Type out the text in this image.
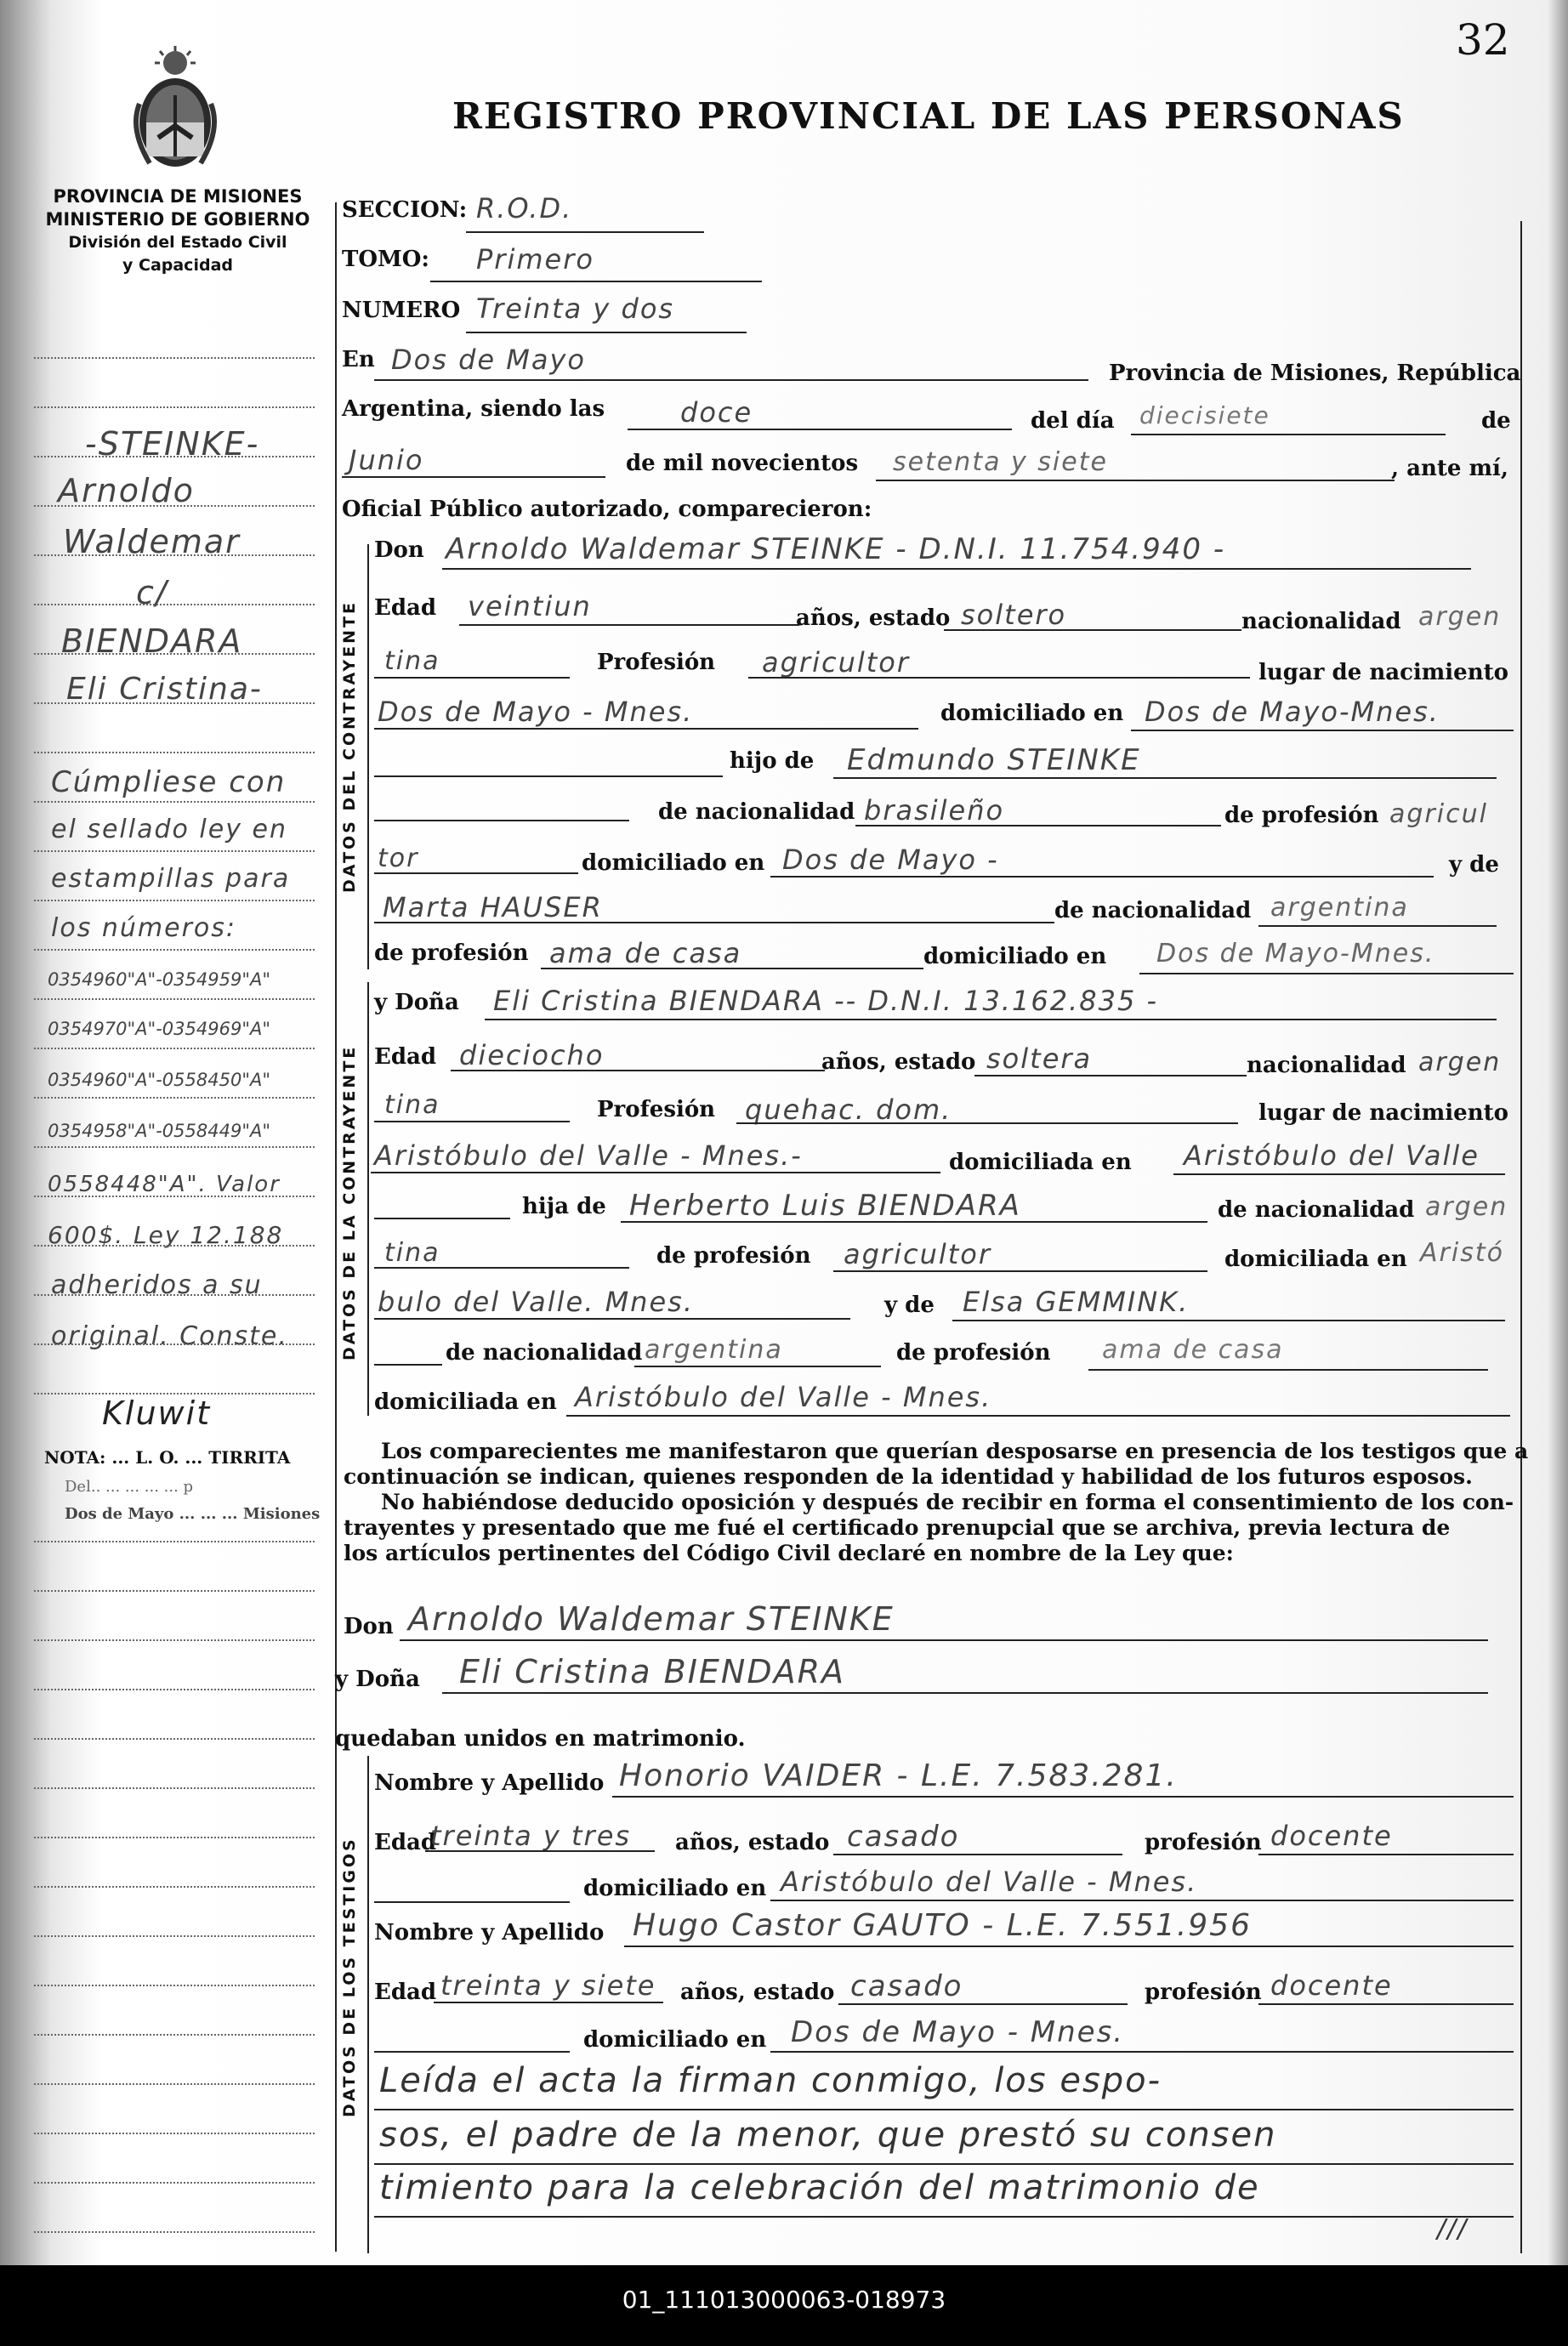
32
REGISTRO PROVINCIAL DE LAS PERSONAS
PROVINCIA DE MISIONES
MINISTERIO DE GOBIERNO
División del Estado Civil
y Capacidad
-STEINKE-
Arnoldo
Waldemar
c/
BIENDARA
Eli Cristina-
Cúmpliese con
el sellado ley en
estampillas para
los números:
0354960"A"-0354959"A"
0354970"A"-0354969"A"
0354960"A"-0558450"A"
0354958"A"-0558449"A"
0558448"A". Valor
600$. Ley 12.188
adheridos a su
original. Conste.
Kluwit
NOTA: ... L. O. ... TIRRITA
Del.. ... ... ... ... p
Dos de Mayo ... ... ... Misiones
DATOS DEL CONTRAYENTE
DATOS DE LA CONTRAYENTE
DATOS DE LOS TESTIGOS
SECCION: R.O.D.
TOMO: Primero
NUMERO Treinta y dos
En Dos de Mayo	Provincia de Misiones, República
Argentina, siendo las	doce	del día diecisiete	de
Junio	de mil novecientos setenta y siete	, ante mí,
Oficial Público autorizado, comparecieron:
Don Arnoldo Waldemar STEINKE - D.N.I. 11.754.940 -
Edad veintiun	años, estado soltero	nacionalidad argen
tina	Profesión agricultor	lugar de nacimiento
Dos de Mayo - Mnes.	domiciliado en Dos de Mayo-Mnes.
hijo de Edmundo STEINKE
de nacionalidad brasileño	de profesión agricul
tor	domiciliado en Dos de Mayo -	y de
Marta HAUSER	de nacionalidad argentina
de profesión ama de casa	domiciliado en Dos de Mayo-Mnes.
y Doña Eli Cristina BIENDARA -- D.N.I. 13.162.835 -
Edad dieciocho	años, estado soltera	nacionalidad argen
tina	Profesión quehac. dom.	lugar de nacimiento
Aristóbulo del Valle - Mnes.-	domiciliada en Aristóbulo del Valle
hija de Herberto Luis BIENDARA	de nacionalidad argen
tina	de profesión agricultor	domiciliada en Aristó
bulo del Valle. Mnes.	y de Elsa GEMMINK.
de nacionalidad argentina	de profesión ama de casa
domiciliada en Aristóbulo del Valle - Mnes.
Los comparecientes me manifestaron que querían desposarse en presencia de los testigos que a
continuación se indican, quienes responden de la identidad y habilidad de los futuros esposos.
No habiéndose deducido oposición y después de recibir en forma el consentimiento de los con-
trayentes y presentado que me fué el certificado prenupcial que se archiva, previa lectura de
los artículos pertinentes del Código Civil declaré en nombre de la Ley que:
Don Arnoldo Waldemar STEINKE
y Doña Eli Cristina BIENDARA
quedaban unidos en matrimonio.
Nombre y Apellido Honorio VAIDER - L.E. 7.583.281.
Edad
treinta y tres años, estado casado	profesión docente
domiciliado en Aristóbulo del Valle - Mnes.
Nombre y Apellido Hugo Castor GAUTO - L.E. 7.551.956
Edad treinta y siete años, estado casado	profesión docente
domiciliado en Dos de Mayo - Mnes.
Leída el acta la firman conmigo, los espo-
sos, el padre de la menor, que prestó su consen
timiento para la celebración del matrimonio de
///
01_111013000063-018973
